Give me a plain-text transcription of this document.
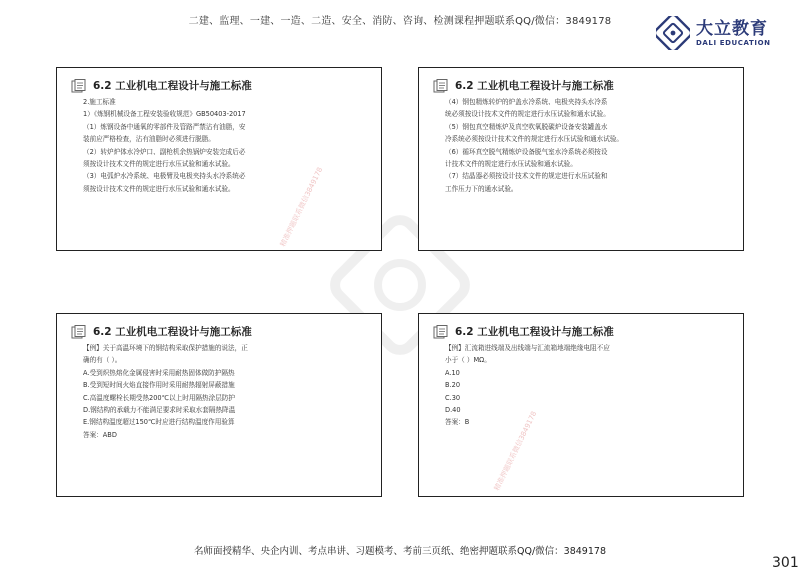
二建、监理、一建、一造、二造、安全、消防、咨询、检测课程押题联系QQ/微信：3849178	大立教育
DALI EDUCATION
6.2 工业机电工程设计与施工标准

2.施工标准

1）《炼钢机械设备工程安装验收规范》GB50403-2017

（1）炼钢设备中通氧的零部件及管路严禁沾有油脂，安

装前应严格检查，沾有油脂时必须进行脱脂。

（2）转炉炉体水冷炉口、副枪机余热锅炉安装完成后必

须按设计技术文件的规定进行水压试验和通水试验。

（3）电弧炉水冷系统、电极臂及电极夹持头水冷系统必

须按设计技术文件的规定进行水压试验和通水试验。

6.2 工业机电工程设计与施工标准

（4）钢包精炼转炉的炉盖水冷系统、电极夹持头水冷系

统必须按设计技术文件的规定进行水压试验和通水试验。

（5）钢包真空精炼炉及真空吹氧脱碳炉设备安装罐盖水

冷系统必须按设计技术文件的规定进行水压试验和通水试验。

（6）循环真空脱气精炼炉设备脱气室水冷系统必须按设

计技术文件的规定进行水压试验和通水试验。

（7）结晶器必须按设计技术文件的规定进行水压试验和

工作压力下的通水试验。

6.2 工业机电工程设计与施工标准

【例】关于高温环境下的钢结构采取保护措施的说法，正

确的有（ ）。

A.受到炽热熔化金属侵害时采用耐热固体做防护隔热

B.受到短时间火焰直接作用时采用耐热辐射屏蔽措施

C.高温度螺栓长期受热200℃以上时用隔热涂层防护

D.钢结构的承载力不能满足要求时采取水套隔热降温

E.钢结构温度超过150℃时应进行结构温度作用验算

答案：ABD

6.2 工业机电工程设计与施工标准

【例】汇流箱进线端及出线端与汇流箱地端绝缘电阻不应

小于（ ）MΩ。

A.10

B.20

C.30

D.40

答案：B

精准押题联系微信3849178
精准押题联系微信3849178
名师面授精华、央企内训、考点串讲、习题模考、考前三页纸、绝密押题联系QQ/微信：3849178
301
